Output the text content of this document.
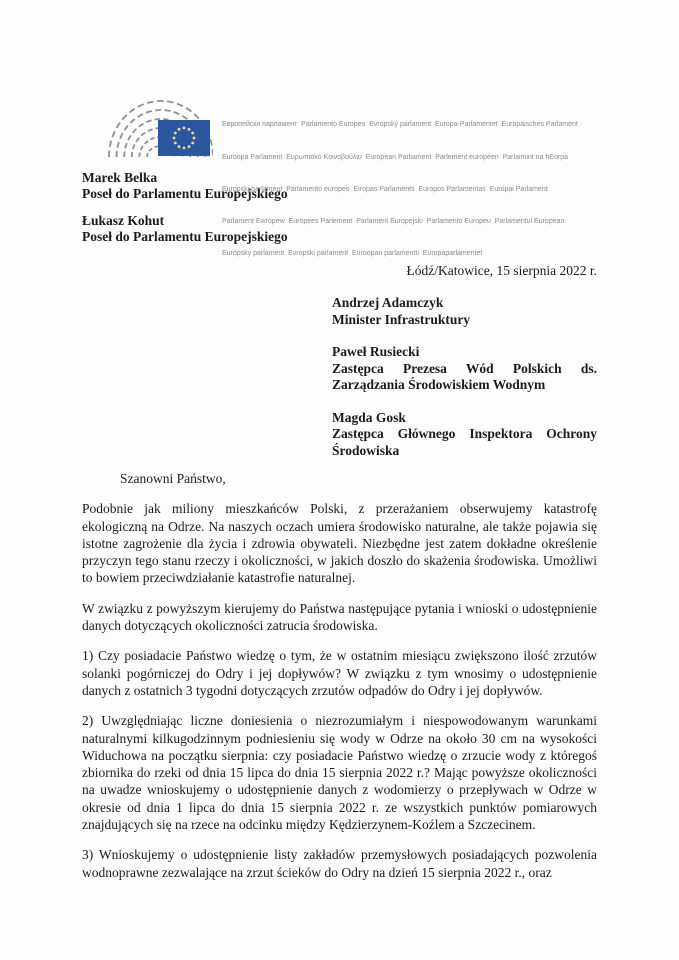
Европейски парламент  Parlamento Europeo  Evropský parlament  Europa-Parlamentet  Europäisches Parlament

Euroopa Parlament  Ευρωπαϊκό Κοινοβούλιο  European Parliament  Parlement européen  Parlaimint na hEorpa

Europski parlament  Parlamento europeo  Eiropas Parlaments  Europos Parlamentas  Európai Parlament

Parlament Ewropew  Europees Parlement  Parlament Europejski  Parlamento Europeu  Parlamentul European

Európsky parlament  Evropski parlament  Euroopan parlamentti  Europaparlamentet

Marek Belka
Poseł do Parlamentu Europejskiego
Łukasz Kohut
Poseł do Parlamentu Europejskiego
Łódź/Katowice, 15 sierpnia 2022 r.
Andrzej Adamczyk
Minister Infrastruktury
Paweł Rusiecki
Zastępca Prezesa Wód Polskich ds. Zarządzania Środowiskiem Wodnym
Magda Gosk
Zastępca Głównego Inspektora Ochrony Środowiska

Szanowni Państwo,

Podobnie jak miliony mieszkańców Polski, z przerażaniem obserwujemy katastrofę ekologiczną na Odrze. Na naszych oczach umiera środowisko naturalne, ale także pojawia się istotne zagrożenie dla życia i zdrowia obywateli. Niezbędne jest zatem dokładne określenie przyczyn tego stanu rzeczy i okoliczności, w jakich doszło do skażenia środowiska. Umożliwi to bowiem przeciwdziałanie katastrofie naturalnej.

W związku z powyższym kierujemy do Państwa następujące pytania i wnioski o udostępnienie danych dotyczących okoliczności zatrucia środowiska.

1) Czy posiadacie Państwo wiedzę o tym, że w ostatnim miesiącu zwiększono ilość zrzutów solanki pogórniczej do Odry i jej dopływów? W związku z tym wnosimy o udostępnienie danych z ostatnich 3 tygodni dotyczących zrzutów odpadów do Odry i jej dopływów.

2) Uwzględniając liczne doniesienia o niezrozumiałym i niespowodowanym warunkami naturalnymi kilkugodzinnym podniesieniu się wody w Odrze na około 30 cm na wysokości Widuchowa na początku sierpnia: czy posiadacie Państwo wiedzę o zrzucie wody z któregoś zbiornika do rzeki od dnia 15 lipca do dnia 15 sierpnia 2022 r.? Mając powyższe okoliczności na uwadze wnioskujemy o udostępnienie danych z wodomierzy o przepływach w Odrze w okresie od dnia 1 lipca do dnia 15 sierpnia 2022 r. ze wszystkich punktów pomiarowych znajdujących się na rzece na odcinku między Kędzierzynem-Koźlem a Szczecinem.

3) Wnioskujemy o udostępnienie listy zakładów przemysłowych posiadających pozwolenia wodnoprawne zezwalające na zrzut ścieków do Odry na dzień 15 sierpnia 2022 r., oraz
